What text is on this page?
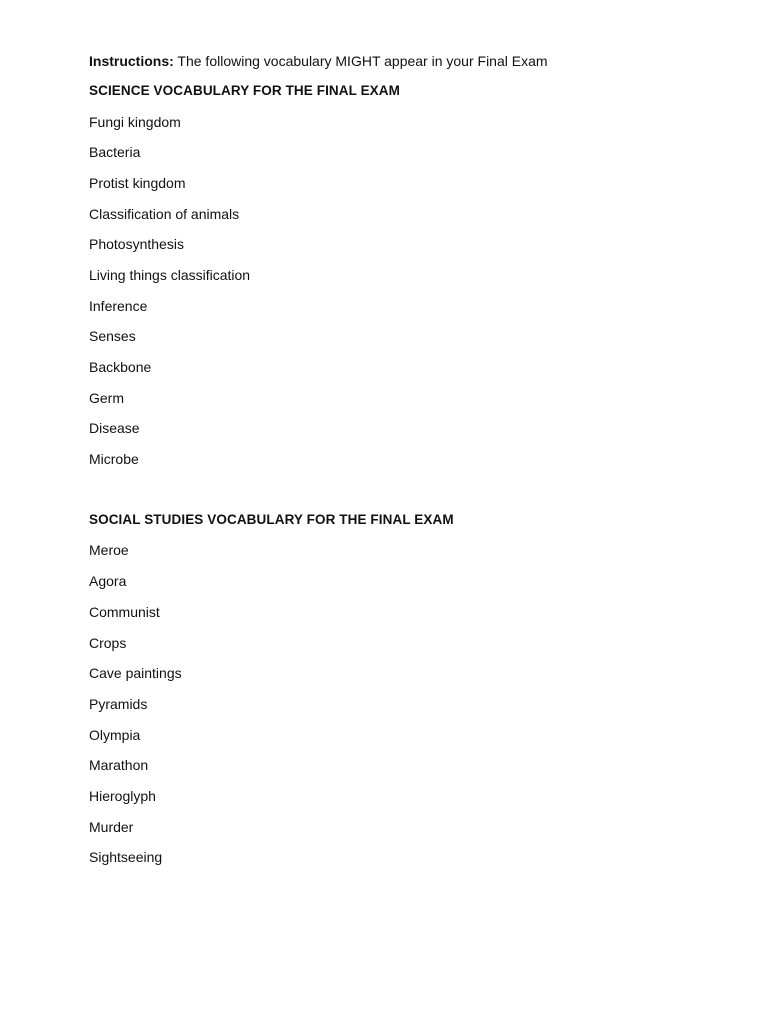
Instructions: The following vocabulary MIGHT appear in your Final Exam
SCIENCE VOCABULARY FOR THE FINAL EXAM
Fungi kingdom
Bacteria
Protist kingdom
Classification of animals
Photosynthesis
Living things classification
Inference
Senses
Backbone
Germ
Disease
Microbe
SOCIAL STUDIES VOCABULARY FOR THE FINAL EXAM
Meroe
Agora
Communist
Crops
Cave paintings
Pyramids
Olympia
Marathon
Hieroglyph
Murder
Sightseeing
